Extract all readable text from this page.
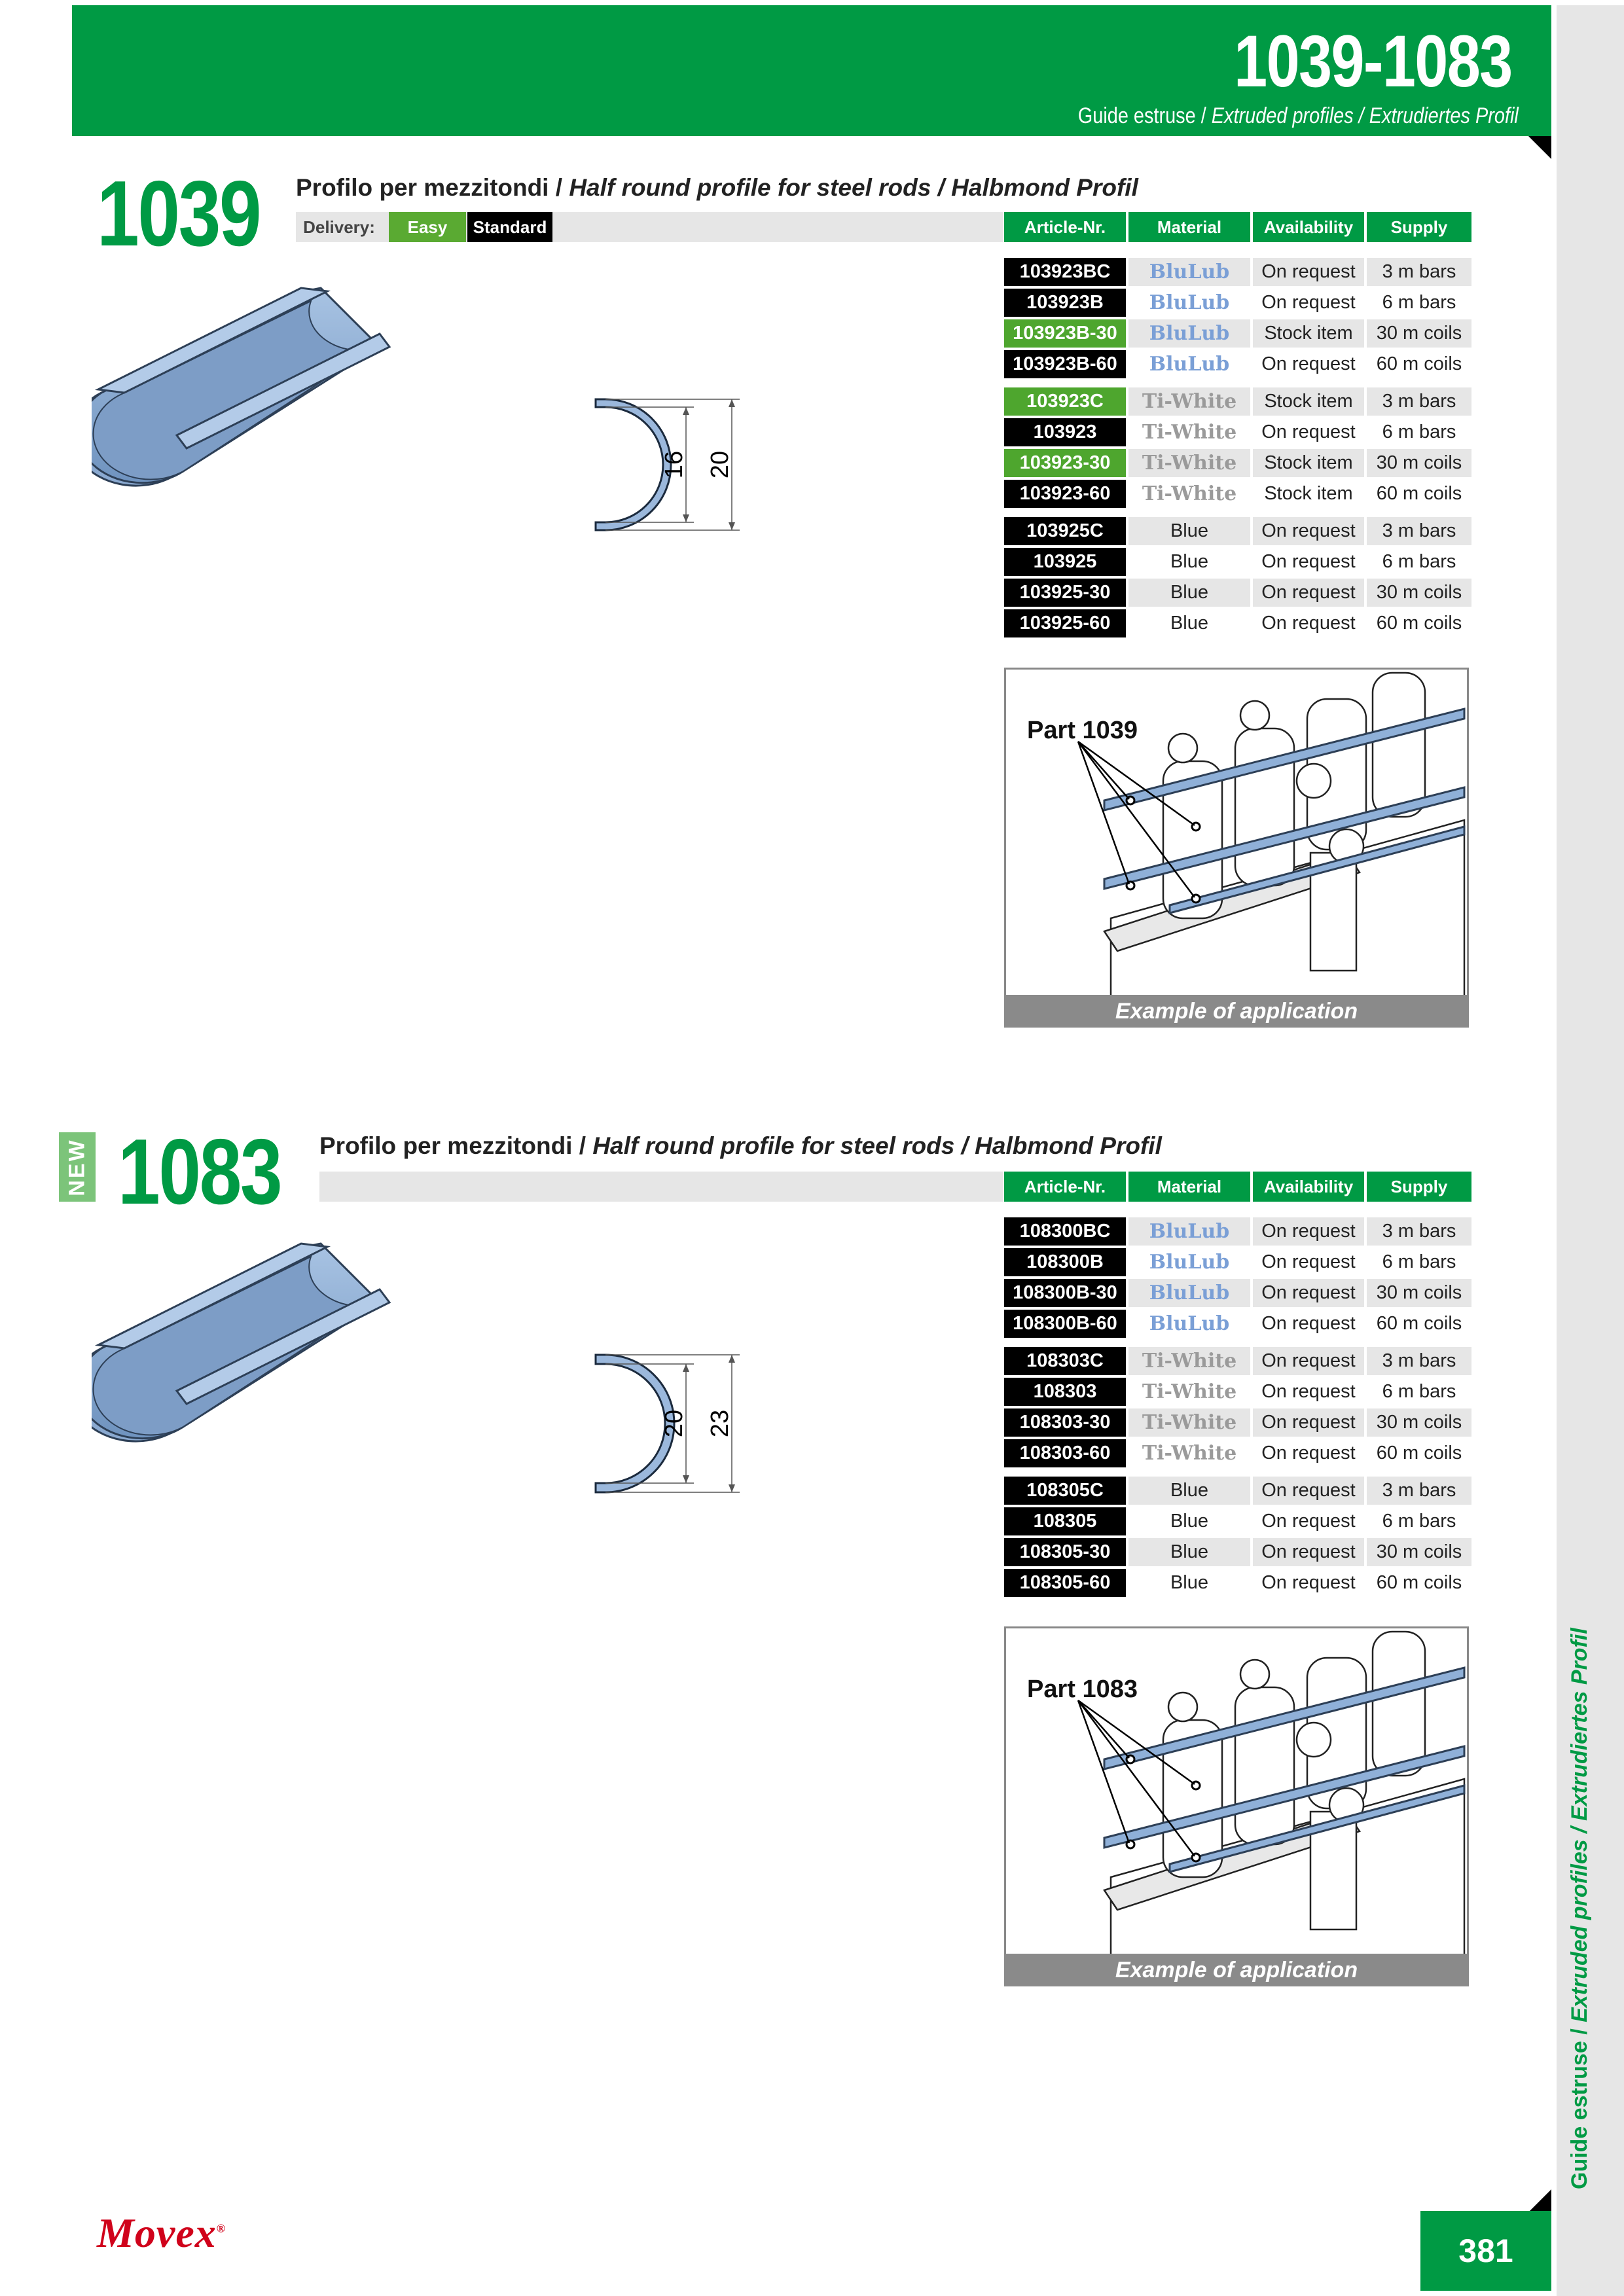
1039-1083
Guide estruse / Extruded profiles / Extrudiertes Profil
Guide estruse / Extruded profiles / Extrudiertes Profil
1039 Profilo per mezzitondi / Half round profile for steel rods / Halbmond Profil
Delivery:	Easy	Standard	Article-Nr.	Material	Availability	Supply
103923BC	BluLub	On request	3 m bars
103923B	BluLub	On request	6 m bars
103923B-30	BluLub	Stock item	30 m coils
103923B-60	BluLub	On request	60 m coils
103923C	Ti-White	Stock item	3 m bars
103923	Ti-White	On request	6 m bars
103923-30	Ti-White	Stock item	30 m coils
103923-60	Ti-White	Stock item	60 m coils
103925C	Blue	On request	3 m bars
103925	Blue	On request	6 m bars
103925-30	Blue	On request	30 m coils
103925-60	Blue	On request	60 m coils
16 20
Part 1039
Example of application
NEW 1083 Profilo per mezzitondi / Half round profile for steel rods / Halbmond Profil
Article-Nr.	Material	Availability	Supply
108300BC	BluLub	On request	3 m bars
108300B	BluLub	On request	6 m bars
108300B-30	BluLub	On request	30 m coils
108300B-60	BluLub	On request	60 m coils
108303C	Ti-White	On request	3 m bars
108303	Ti-White	On request	6 m bars
108303-30	Ti-White	On request	30 m coils
108303-60	Ti-White	On request	60 m coils
108305C	Blue	On request	3 m bars
108305	Blue	On request	6 m bars
108305-30	Blue	On request	30 m coils
108305-60	Blue	On request	60 m coils
20 23
Part 1083
Example of application
Movex®
381
